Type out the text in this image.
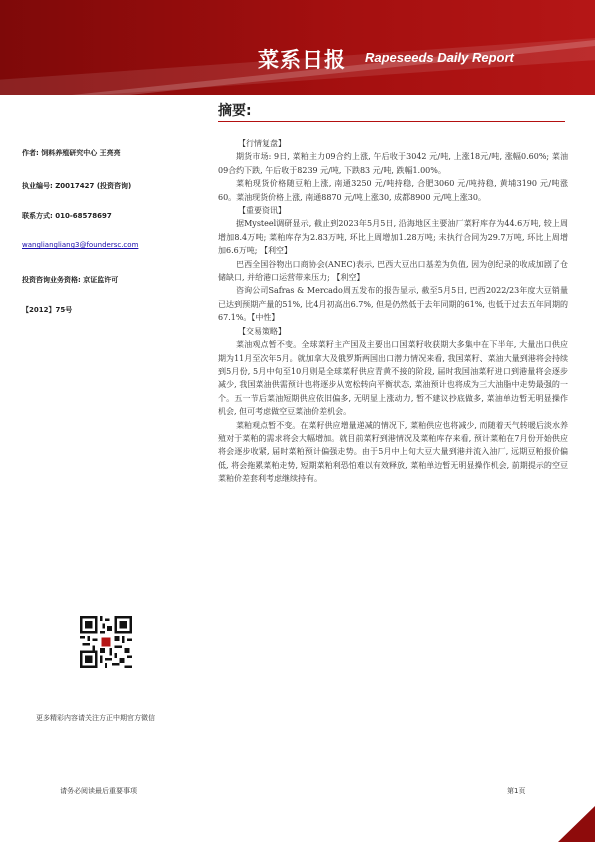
菜系日报 Rapeseeds Daily Report
摘要:
作者: 饲料养殖研究中心 王亮亮
执业编号: Z0017427 (投资咨询)
联系方式: 010-68578697
wangliangliang3@foundersc.com
投资咨询业务资格: 京证监许可
【2012】75号
【行情复盘】

期货市场: 9日, 菜粕主力09合约上涨, 午后收于3042 元/吨, 上涨18元/吨, 涨幅0.60%; 菜油09合约下跌, 午后收于8239 元/吨, 下跌83 元/吨, 跌幅1.00%。

菜粕现货价格随豆粕上涨, 南通3250 元/吨持稳, 合肥3060 元/吨持稳, 黄埔3190 元/吨涨60。菜油现货价格上涨, 南通8870 元/吨上涨30, 成都8900 元/吨上涨30。

【重要资讯】

据Mysteel调研显示, 截止到2023年5月5日, 沿海地区主要油厂菜籽库存为44.6万吨, 较上周增加8.4万吨; 菜粕库存为2.83万吨, 环比上周增加1.28万吨; 未执行合同为29.7万吨, 环比上周增加6.6万吨; 【利空】

巴西全国谷物出口商协会(ANEC)表示, 巴西大豆出口基差为负值, 因为创纪录的收成加剧了仓储缺口, 并给港口运营带来压力; 【利空】

咨询公司Safras & Mercado周五发布的报告显示, 截至5月5日, 巴西2022/23年度大豆销量已达到预期产量的51%, 比4月初高出6.7%, 但是仍然低于去年同期的61%, 也低于过去五年同期的67.1%。【中性】

【交易策略】

菜油观点暂不变。全球菜籽主产国及主要出口国菜籽收获期大多集中在下半年, 大量出口供应期为11月至次年5月。就加拿大及俄罗斯两国出口潜力情况来看, 我国菜籽、菜油大量到港将会持续到5月份, 5月中旬至10月则是全球菜籽供应青黄不接的阶段, 届时我国油菜籽进口到港量将会逐步减少, 我国菜油供需预计也将逐步从宽松转向平衡状态, 菜油预计也将成为三大油脂中走势最强的一个。五一节后菜油短期供应依旧偏多, 无明显上涨动力, 暂不建议抄底做多, 菜油单边暂无明显操作机会, 但可考虑做空豆菜油价差机会。

菜粕观点暂不变。在菜籽供应增量递减的情况下, 菜粕供应也将减少, 而随着天气转暖后淡水养殖对于菜粕的需求将会大幅增加。就目前菜籽到港情况及菜粕库存来看, 预计菜粕在7月份开始供应将会逐步收紧, 届时菜粕预计偏强走势。由于5月中上旬大豆大量到港并流入油厂, 远期豆粕报价偏低, 将会拖累菜粕走势, 短期菜粕利恐怕难以有效释放, 菜粕单边暂无明显操作机会, 前期提示的空豆菜粕价差套利考虑继续持有。

更多精彩内容请关注方正中期官方微信
请务必阅读最后重要事项	第1页
